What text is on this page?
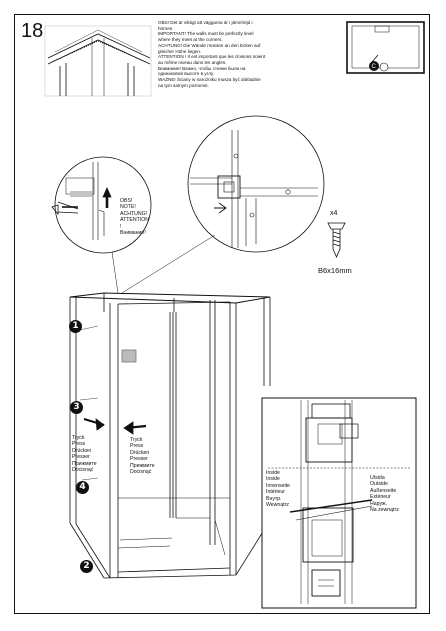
18	OBS! Det är viktigt att väggarna är i jämnhöjd i
hörnen.
IMPORTANT! The walls must be perfectly level
where they meet at the corners.
ACHTUNG! Die Wände müssen an den Ecken auf
gleicher Höhe liegen.
ATTENTION ! Il est important que les cloisons soient
au même niveau dans les angles.
Внимание! Важно, чтобы стенки были на
одинаковой высоте в углу.
WAŻNE! Ściany w narożniku musza być dokladnie
na tym samym poziomie.
C
OBS!
NOTE!
ACHTUNG!
ATTENTION
!
Внимание!
x4
B6x16mm
Tryck
Press
Drücken
Presser
Прижмите
Docisnąć
Tryck
Press
Drücken
Presser
Прижмите
Docisnąć	Inside
Inside
Innenseite
Intérieur
Внутр.
Wewnątrz
Utsida
Outside
Außenseite
Extérieur
Наруж.
Na zewnątrz
1
3
4
2
